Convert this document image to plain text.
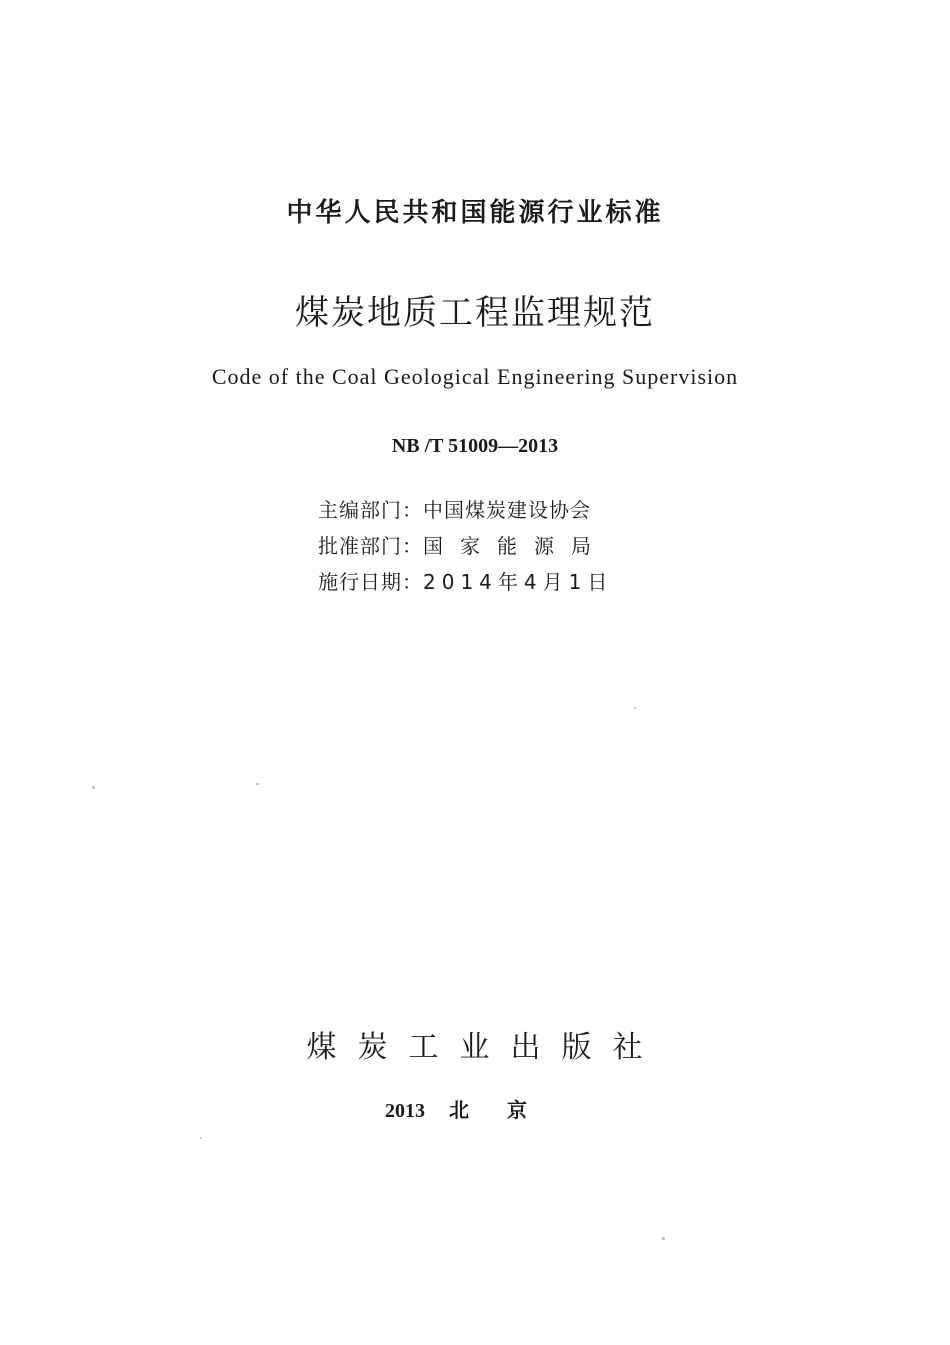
中华人民共和国能源行业标准
煤炭地质工程监理规范
Code of the Coal Geological Engineering Supervision
NB /T 51009—2013
主编部门：中国煤炭建设协会
批准部门：国家能源局
施行日期：2014年4月1日
煤炭工业出版社
2013 北京
